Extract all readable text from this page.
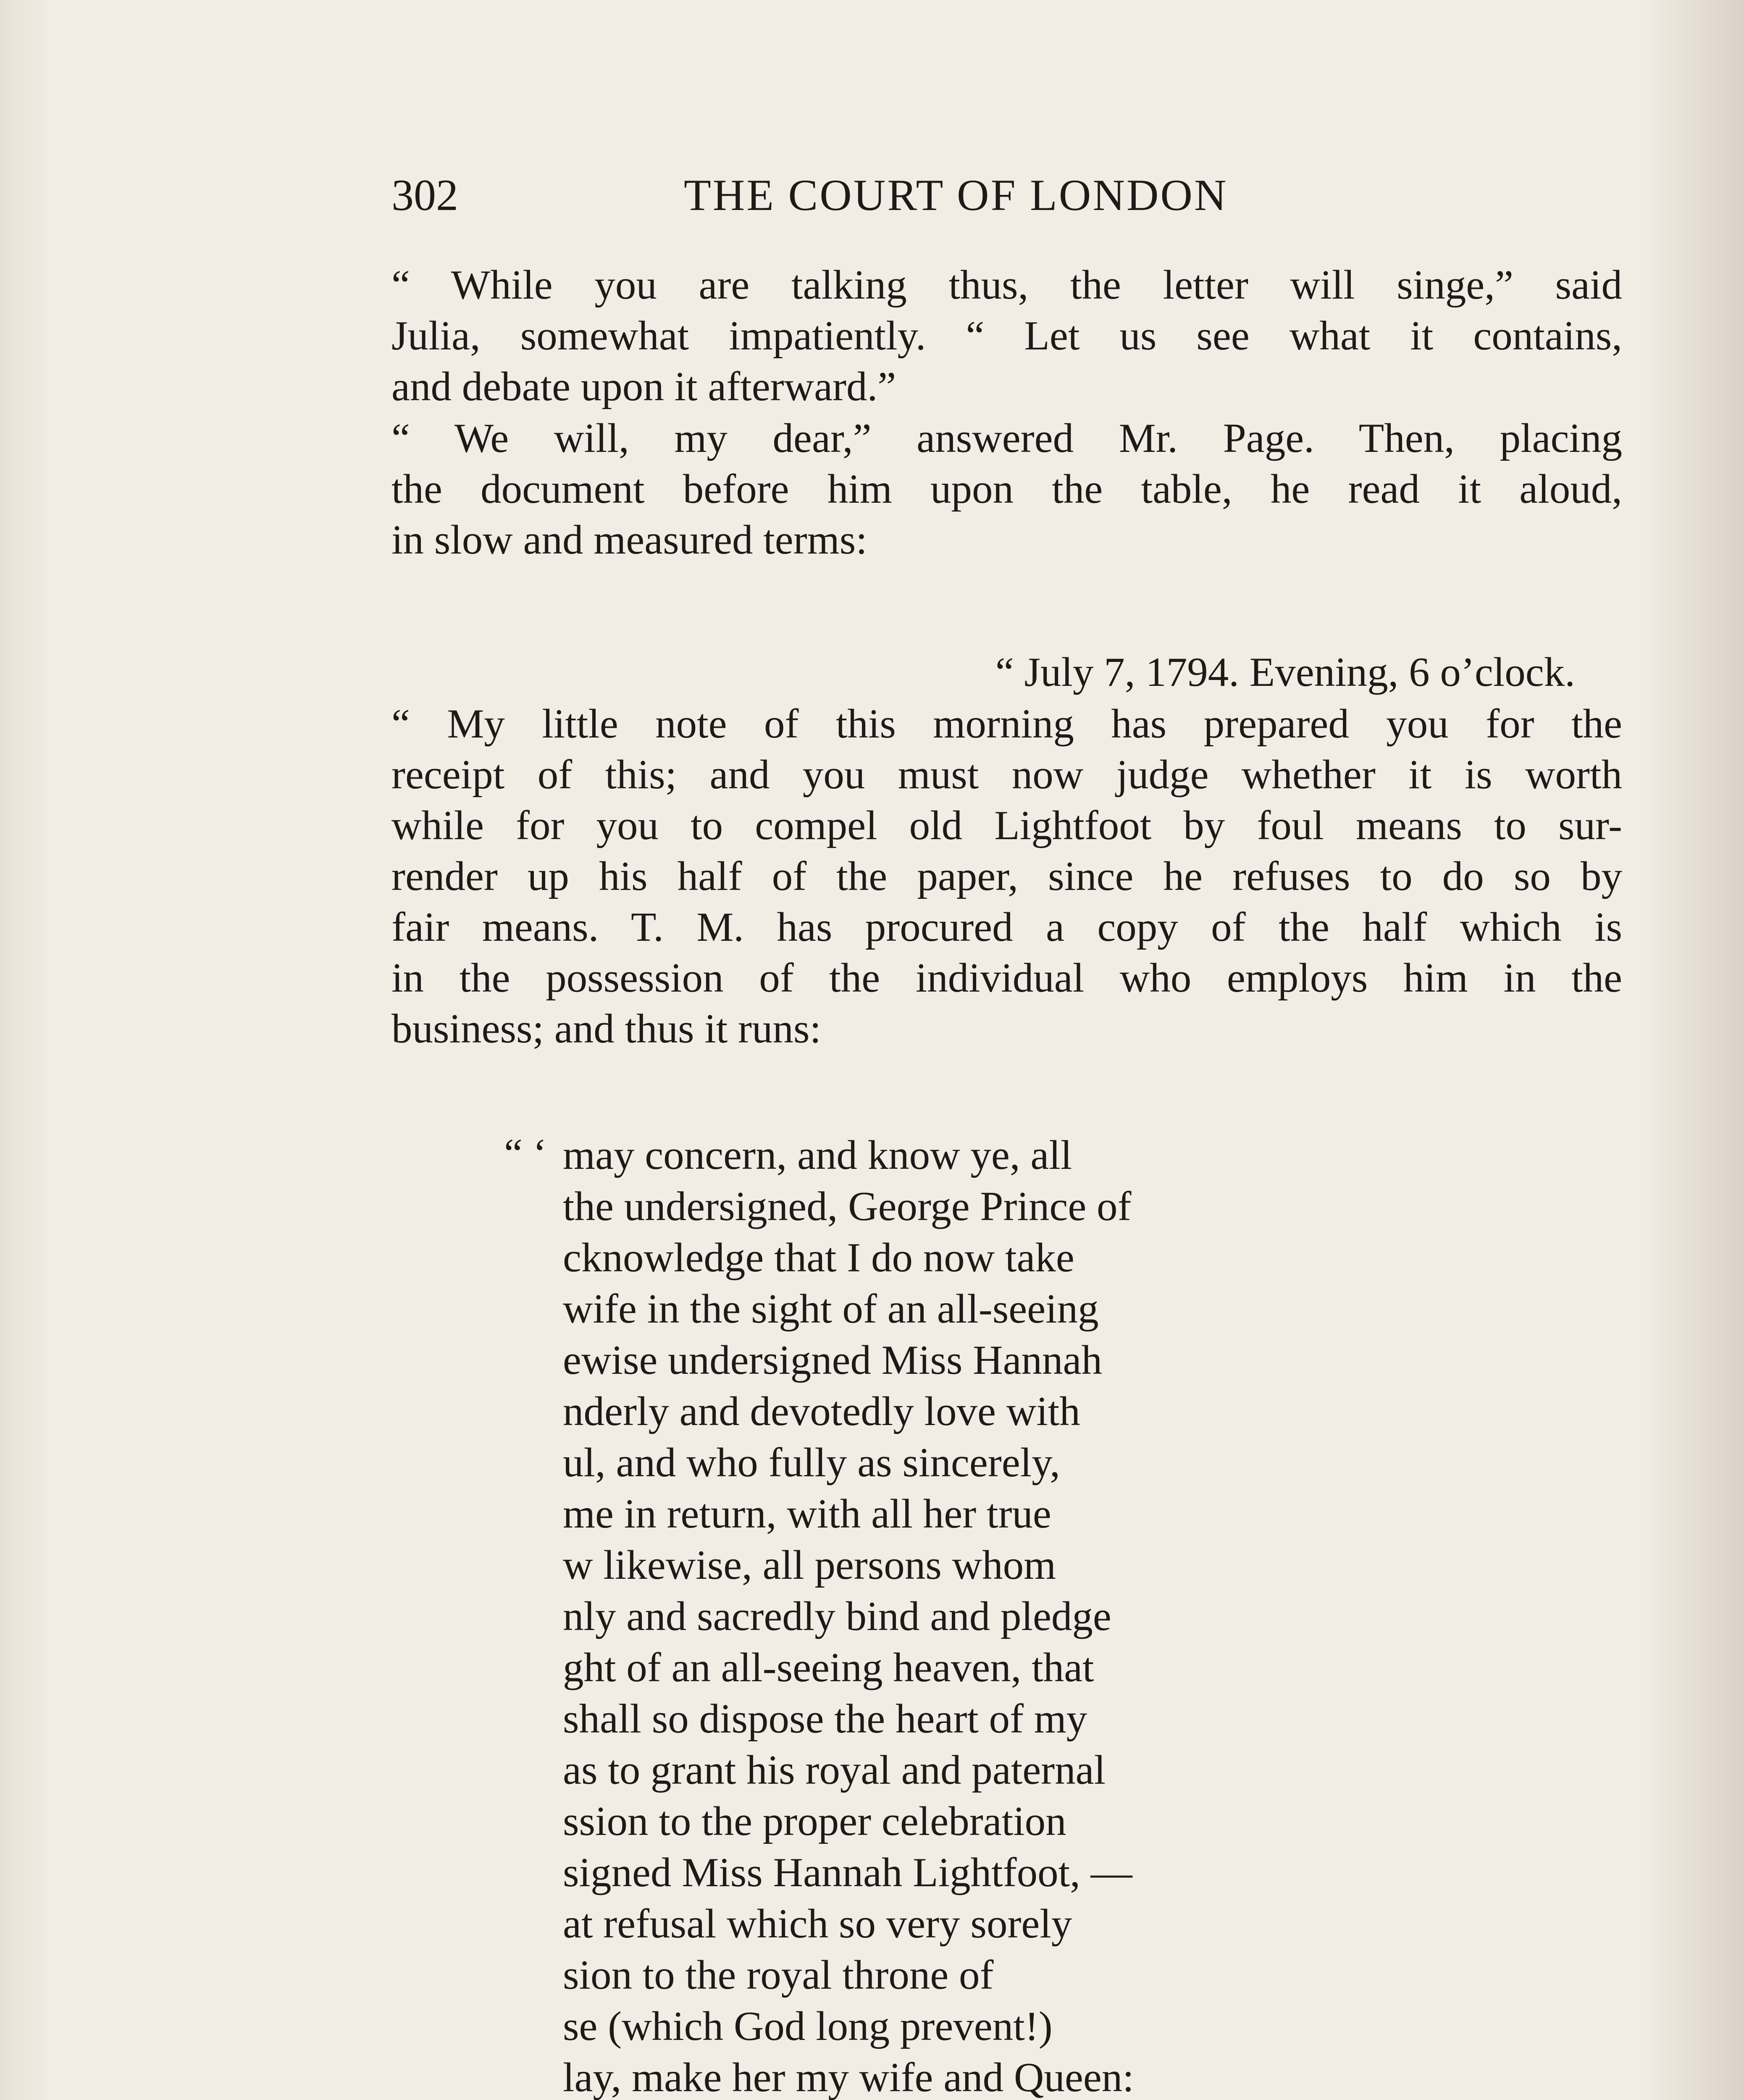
302	THE COURT OF LONDON
“ While you are talking thus, the letter will singe,” said
Julia, somewhat impatiently. “ Let us see what it contains,
and debate upon it afterward.”
“ We will, my dear,” answered Mr. Page. Then, placing
the document before him upon the table, he read it aloud,
in slow and measured terms:
“ July 7, 1794. Evening, 6 o’clock.
“ My little note of this morning has prepared you for the
receipt of this; and you must now judge whether it is worth
while for you to compel old Lightfoot by foul means to sur-
render up his half of the paper, since he refuses to do so by
fair means. T. M. has procured a copy of the half which is
in the possession of the individual who employs him in the
business; and thus it runs:
“ ‘ may concern, and know ye, all
the undersigned, George Prince of
cknowledge that I do now take
wife in the sight of an all-seeing
ewise undersigned Miss Hannah
nderly and devotedly love with
ul, and who fully as sincerely,
me in return, with all her true
w likewise, all persons whom
nly and sacredly bind and pledge
ght of an all-seeing heaven, that
shall so dispose the heart of my
as to grant his royal and paternal
ssion to the proper celebration
signed Miss Hannah Lightfoot, —
at refusal which so very sorely
sion to the royal throne of
se (which God long prevent!)
lay, make her my wife and Queen:
